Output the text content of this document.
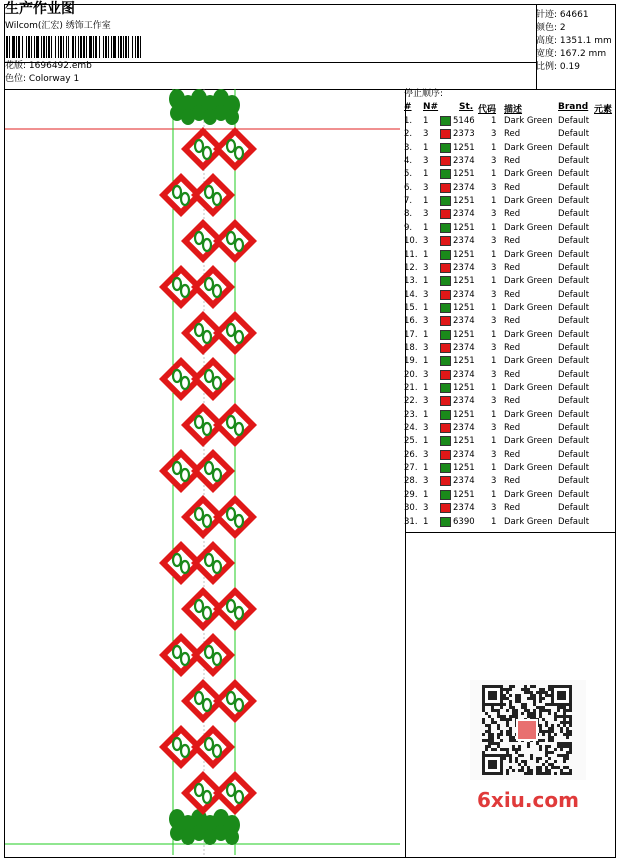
生产作业图
Wilcom(汇宏) 绣饰工作室
花版: 1696492.emb
色位: Colorway 1
针迹: 64661
颜色: 2
高度: 1351.1 mm
宽度: 167.2 mm
比例: 0.19
停止顺序:
# N# St. 代码 描述	Brand 元素
1. 1	5146 1 Dark Green Default
2. 3	2373 3 Red	Default
3. 1	1251 1 Dark Green Default
4. 3	2374 3 Red	Default
5. 1	1251 1 Dark Green Default
6. 3	2374 3 Red	Default
7. 1	1251 1 Dark Green Default
8. 3	2374 3 Red	Default
9. 1	1251 1 Dark Green Default
10. 3	2374 3 Red	Default
11. 1	1251 1 Dark Green Default
12. 3	2374 3 Red	Default
13. 1	1251 1 Dark Green Default
14. 3	2374 3 Red	Default
15. 1	1251 1 Dark Green Default
16. 3	2374 3 Red	Default
17. 1	1251 1 Dark Green Default
18. 3	2374 3 Red	Default
19. 1	1251 1 Dark Green Default
20. 3	2374 3 Red	Default
21. 1	1251 1 Dark Green Default
22. 3	2374 3 Red	Default
23. 1	1251 1 Dark Green Default
24. 3	2374 3 Red	Default
25. 1	1251 1 Dark Green Default
26. 3	2374 3 Red	Default
27. 1	1251 1 Dark Green Default
28. 3	2374 3 Red	Default
29. 1	1251 1 Dark Green Default
30. 3	2374 3 Red	Default
31. 1	6390 1 Dark Green Default
6xiu.com
